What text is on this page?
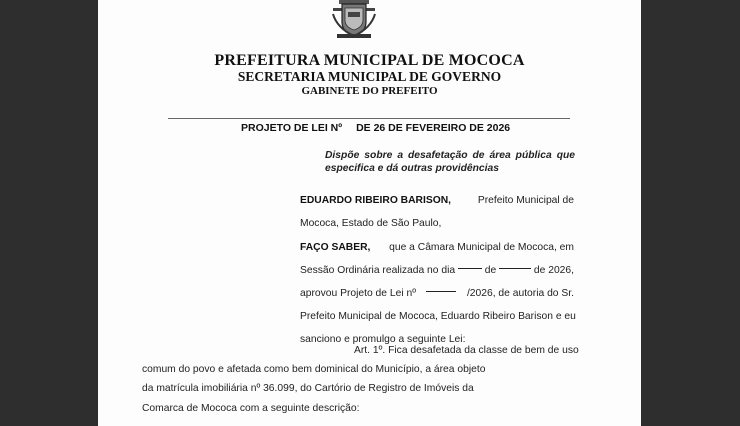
PREFEITURA MUNICIPAL DE MOCOCA
SECRETARIA MUNICIPAL DE GOVERNO
GABINETE DO PREFEITO
PROJETO DE LEI Nº DE 26 DE FEVEREIRO DE 2026
Dispõe sobre a desafetação de área pública que especifica e dá outras providências
EDUARDO RIBEIRO BARISON,	Prefeito Municipal de
Mococa, Estado de São Paulo,
FAÇO SABER, que a Câmara Municipal de Mococa, em
Sessão Ordinária realizada no dia	de	de 2026,
aprovou Projeto de Lei nº	/2026, de autoria do Sr.
Prefeito Municipal de Mococa, Eduardo Ribeiro Barison e eu
sanciono e promulgo a seguinte Lei:
Art. 1º. Fica desafetada da classe de bem de uso
comum do povo e afetada como bem dominical do Município, a área objeto
da matrícula imobiliária nº 36.099, do Cartório de Registro de Imóveis da
Comarca de Mococa com a seguinte descrição:
